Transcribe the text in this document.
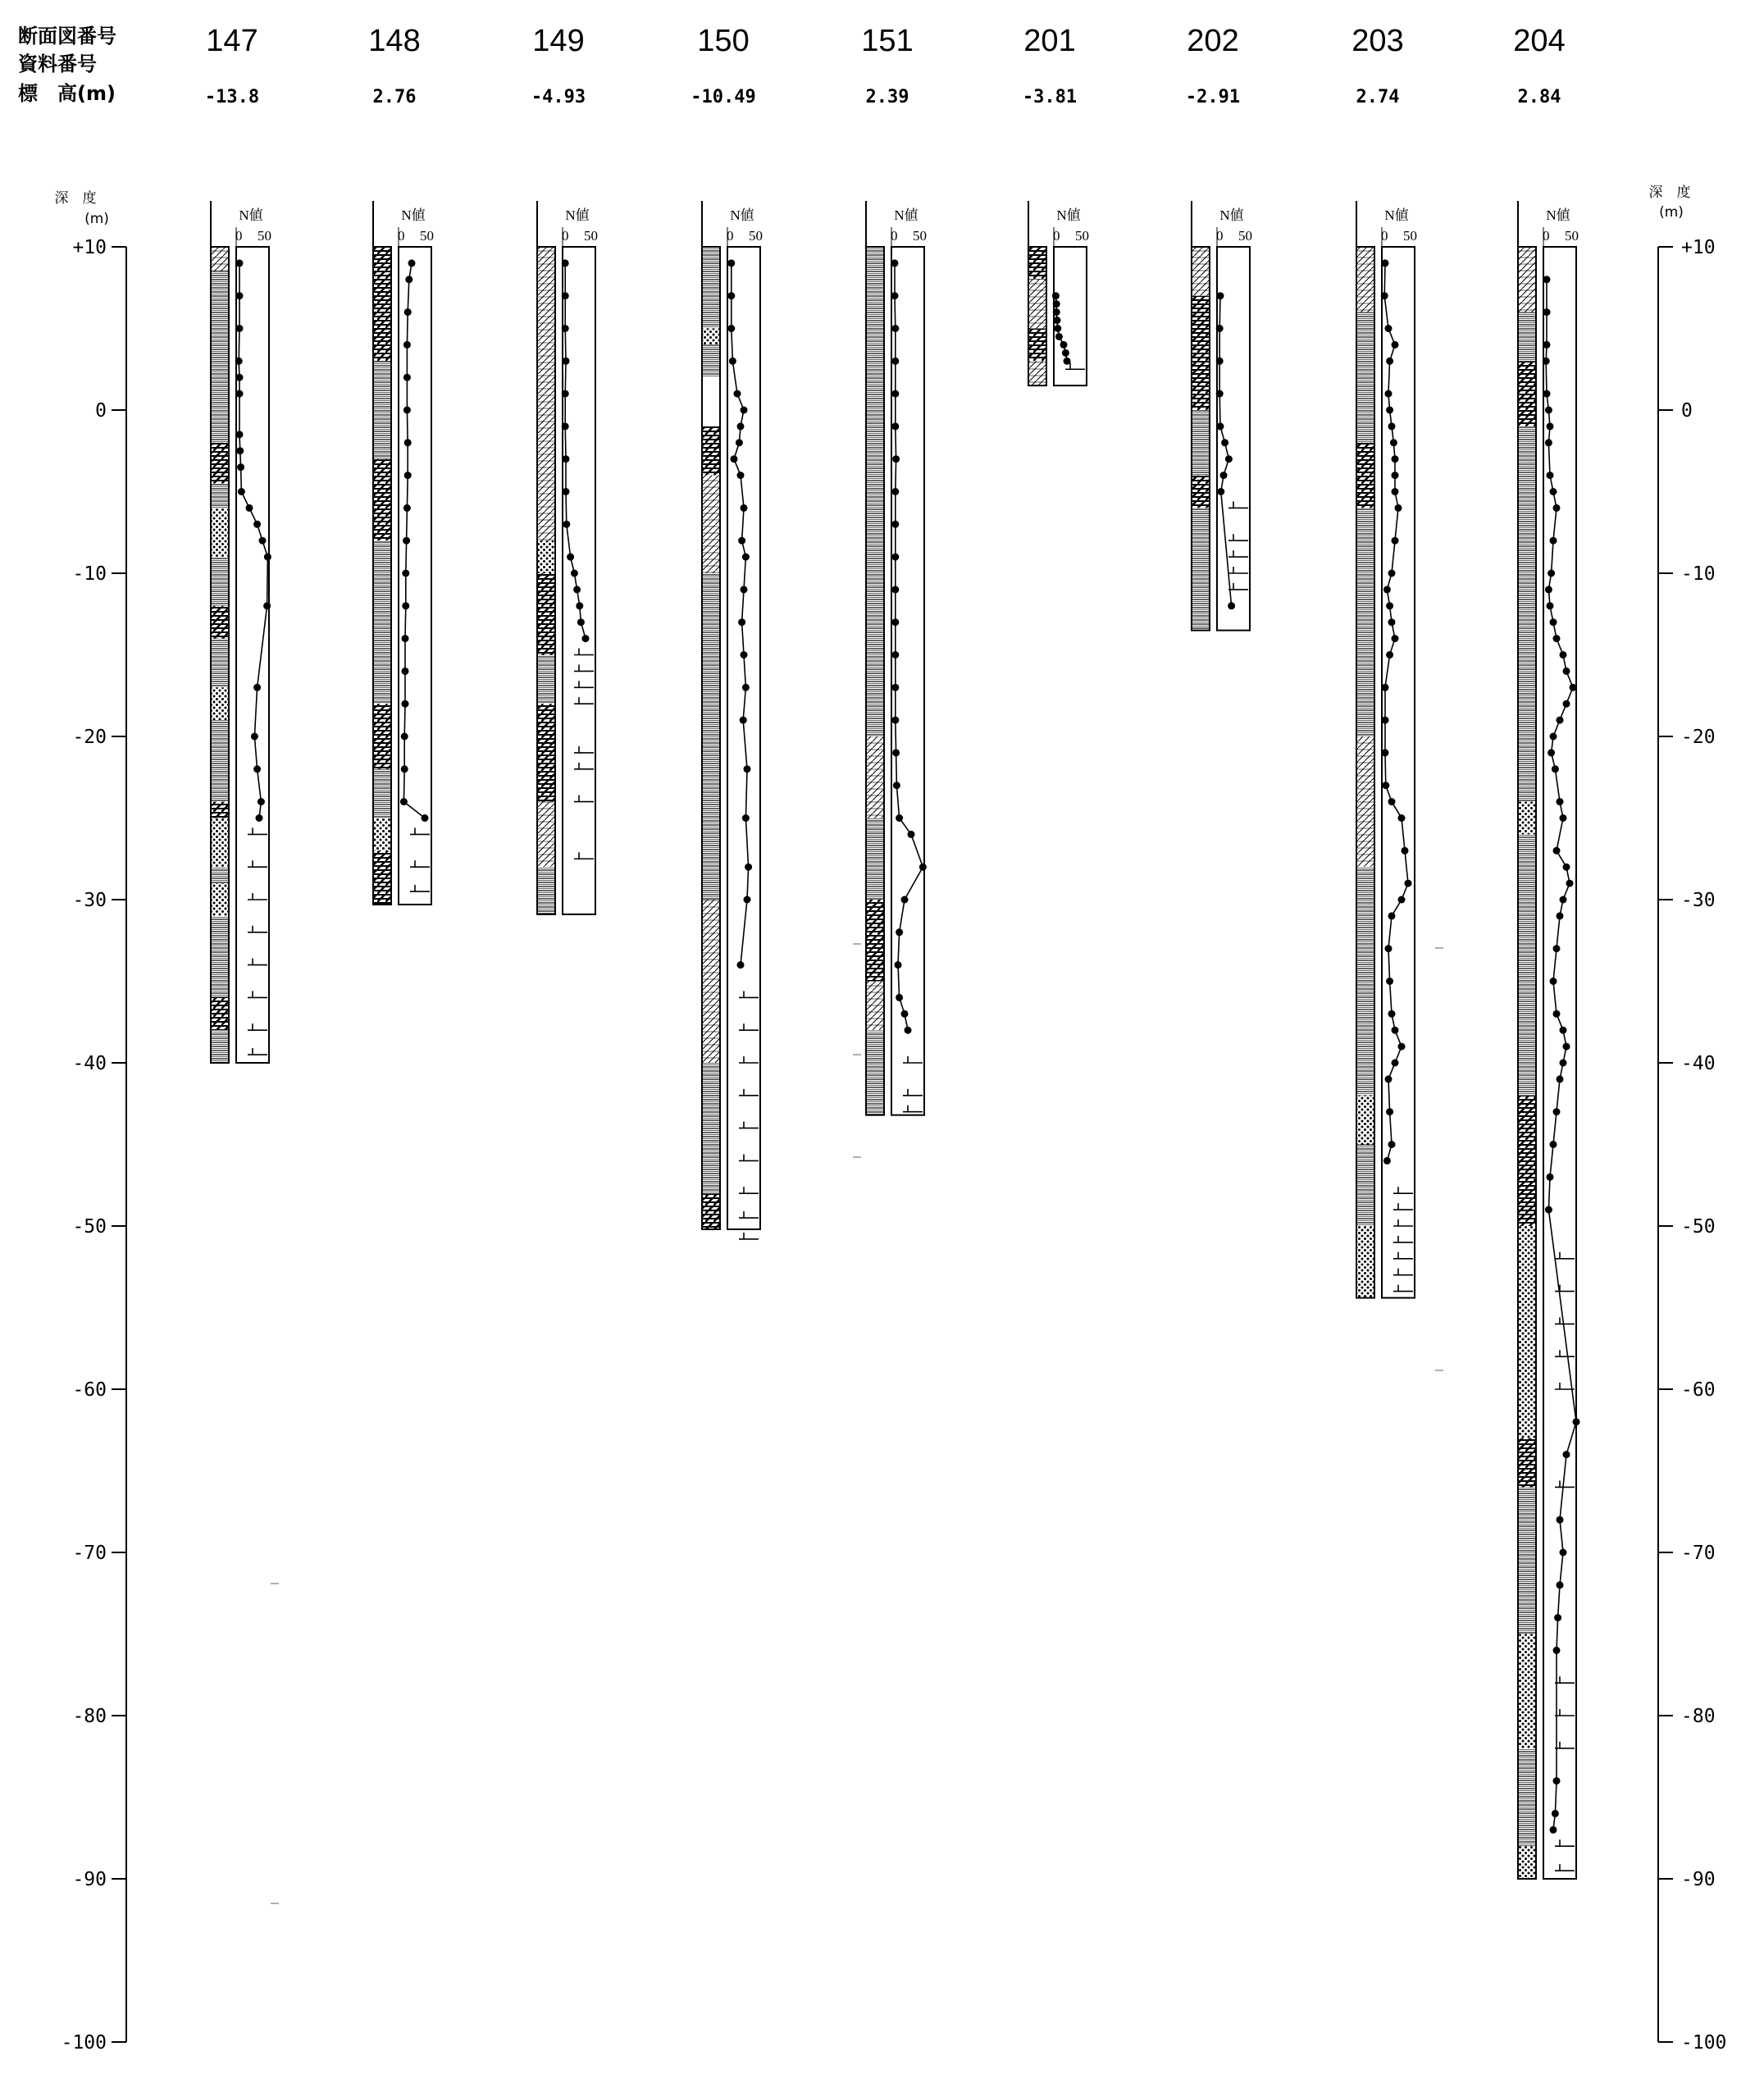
断面図番号
資料番号
標　高(m)
深　度
(m)
+10
0
-10
-20
-30
-40
-50
-60
-70
-80
-90
-100
深　度
(m)
+10
0
-10
-20
-30
-40
-50
-60
-70
-80
-90
-100
147
-13.8
N値
0 50
148
2.76
N値
0 50
149
-4.93
N値
0 50
150
-10.49
N値
0 50
151
2.39
N値
0 50
201
-3.81
N値
0 50
202
-2.91
N値
0 50
203
2.74
N値
0 50
204
2.84
N値
0 50
